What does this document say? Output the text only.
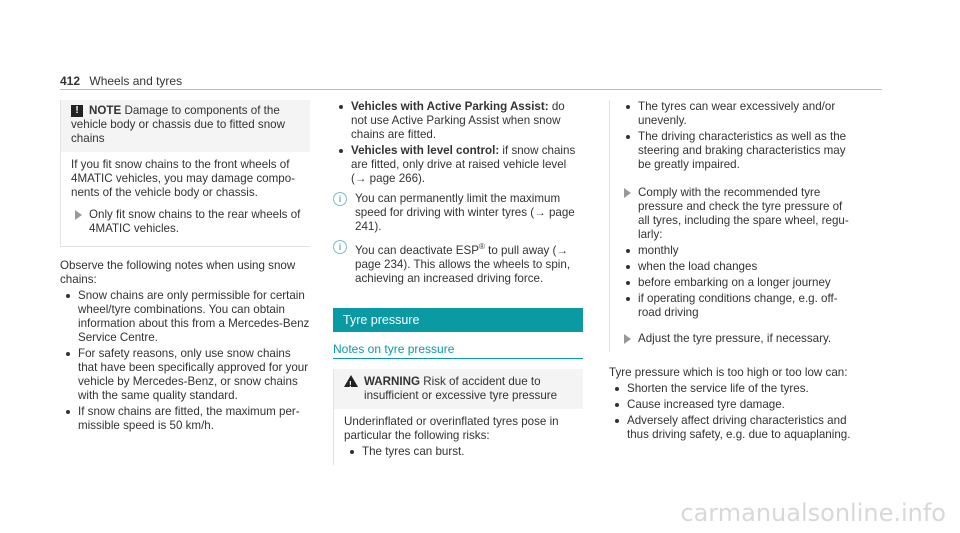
412 Wheels and tyres
! NOTE Damage to components of the vehicle body or chassis due to fitted snow chains

If you fit snow chains to the front wheels of 4MATIC vehicles, you may damage components of the vehicle body or chassis.

Only fit snow chains to the rear wheels of 4MATIC vehicles.

Observe the following notes when using snow chains:

Snow chains are only permissible for certain wheel/tyre combinations. You can obtain information about this from a Mercedes-Benz Service Centre.
For safety reasons, only use snow chains that have been specifically approved for your vehicle by Mercedes-Benz, or snow chains with the same quality standard.
If snow chains are fitted, the maximum permissible speed is 50 km/h.
Vehicles with Active Parking Assist: do not use Active Parking Assist when snow chains are fitted.
Vehicles with level control: if snow chains are fitted, only drive at raised vehicle level (→ page 266).
i	You can permanently limit the maximum speed for driving with winter tyres (→ page 241).
i	You can deactivate ESP® to pull away (→ page 234). This allows the wheels to spin, achieving an increased driving force.
Tyre pressure
Notes on tyre pressure
! WARNING Risk of accident due to insufficient or excessive tyre pressure

Underinflated or overinflated tyres pose in particular the following risks:

The tyres can burst.
The tyres can wear excessively and/or unevenly.
The driving characteristics as well as the steering and braking characteristics may be greatly impaired.
Comply with the recommended tyre pressure and check the tyre pressure of all tyres, including the spare wheel, regularly:
monthly
when the load changes
before embarking on a longer journey
if operating conditions change, e.g. off-road driving
Adjust the tyre pressure, if necessary.

Tyre pressure which is too high or too low can:

Shorten the service life of the tyres.
Cause increased tyre damage.
Adversely affect driving characteristics and thus driving safety, e.g. due to aquaplaning.
carmanualsonline.info
